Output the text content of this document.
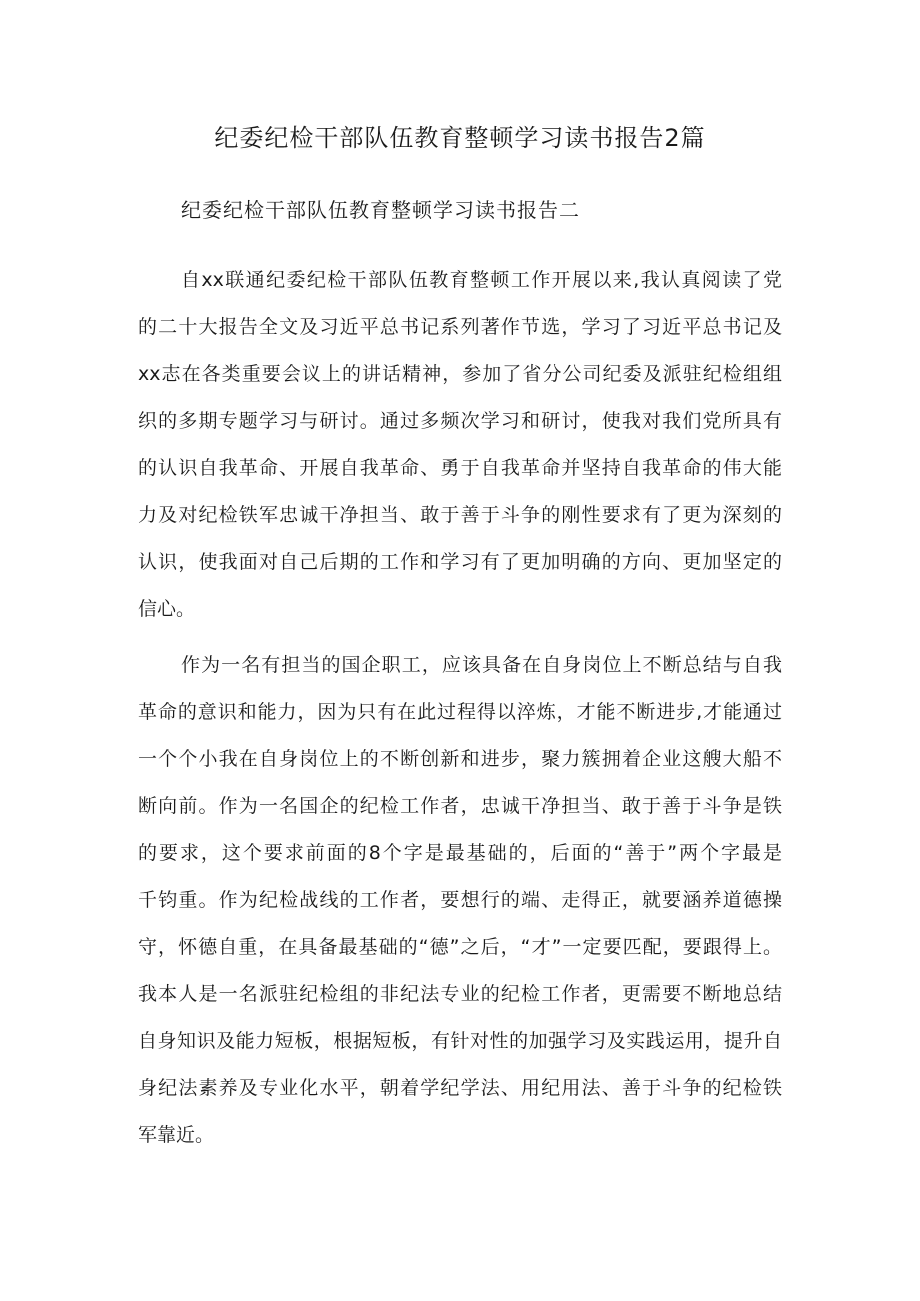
纪委纪检干部队伍教育整顿学习读书报告2篇

纪委纪检干部队伍教育整顿学习读书报告二

自xx联通纪委纪检干部队伍教育整顿工作开展以来,我认真阅读了党
的二十大报告全文及习近平总书记系列著作节选，学习了习近平总书记及
xx志在各类重要会议上的讲话精神，参加了省分公司纪委及派驻纪检组组
织的多期专题学习与研讨。通过多频次学习和研讨，使我对我们党所具有
的认识自我革命、开展自我革命、勇于自我革命并坚持自我革命的伟大能
力及对纪检铁军忠诚干净担当、敢于善于斗争的刚性要求有了更为深刻的
认识，使我面对自己后期的工作和学习有了更加明确的方向、更加坚定的
信心。
作为一名有担当的国企职工，应该具备在自身岗位上不断总结与自我
革命的意识和能力，因为只有在此过程得以淬炼，才能不断进步,才能通过
一个个小我在自身岗位上的不断创新和进步，聚力簇拥着企业这艘大船不
断向前。作为一名国企的纪检工作者，忠诚干净担当、敢于善于斗争是铁
的要求，这个要求前面的8个字是最基础的，后面的“善于”两个字最是
千钧重。作为纪检战线的工作者，要想行的端、走得正，就要涵养道德操
守，怀德自重，在具备最基础的“德”之后，“才”一定要匹配，要跟得上。
我本人是一名派驻纪检组的非纪法专业的纪检工作者，更需要不断地总结
自身知识及能力短板，根据短板，有针对性的加强学习及实践运用，提升自
身纪法素养及专业化水平，朝着学纪学法、用纪用法、善于斗争的纪检铁
军靠近。
